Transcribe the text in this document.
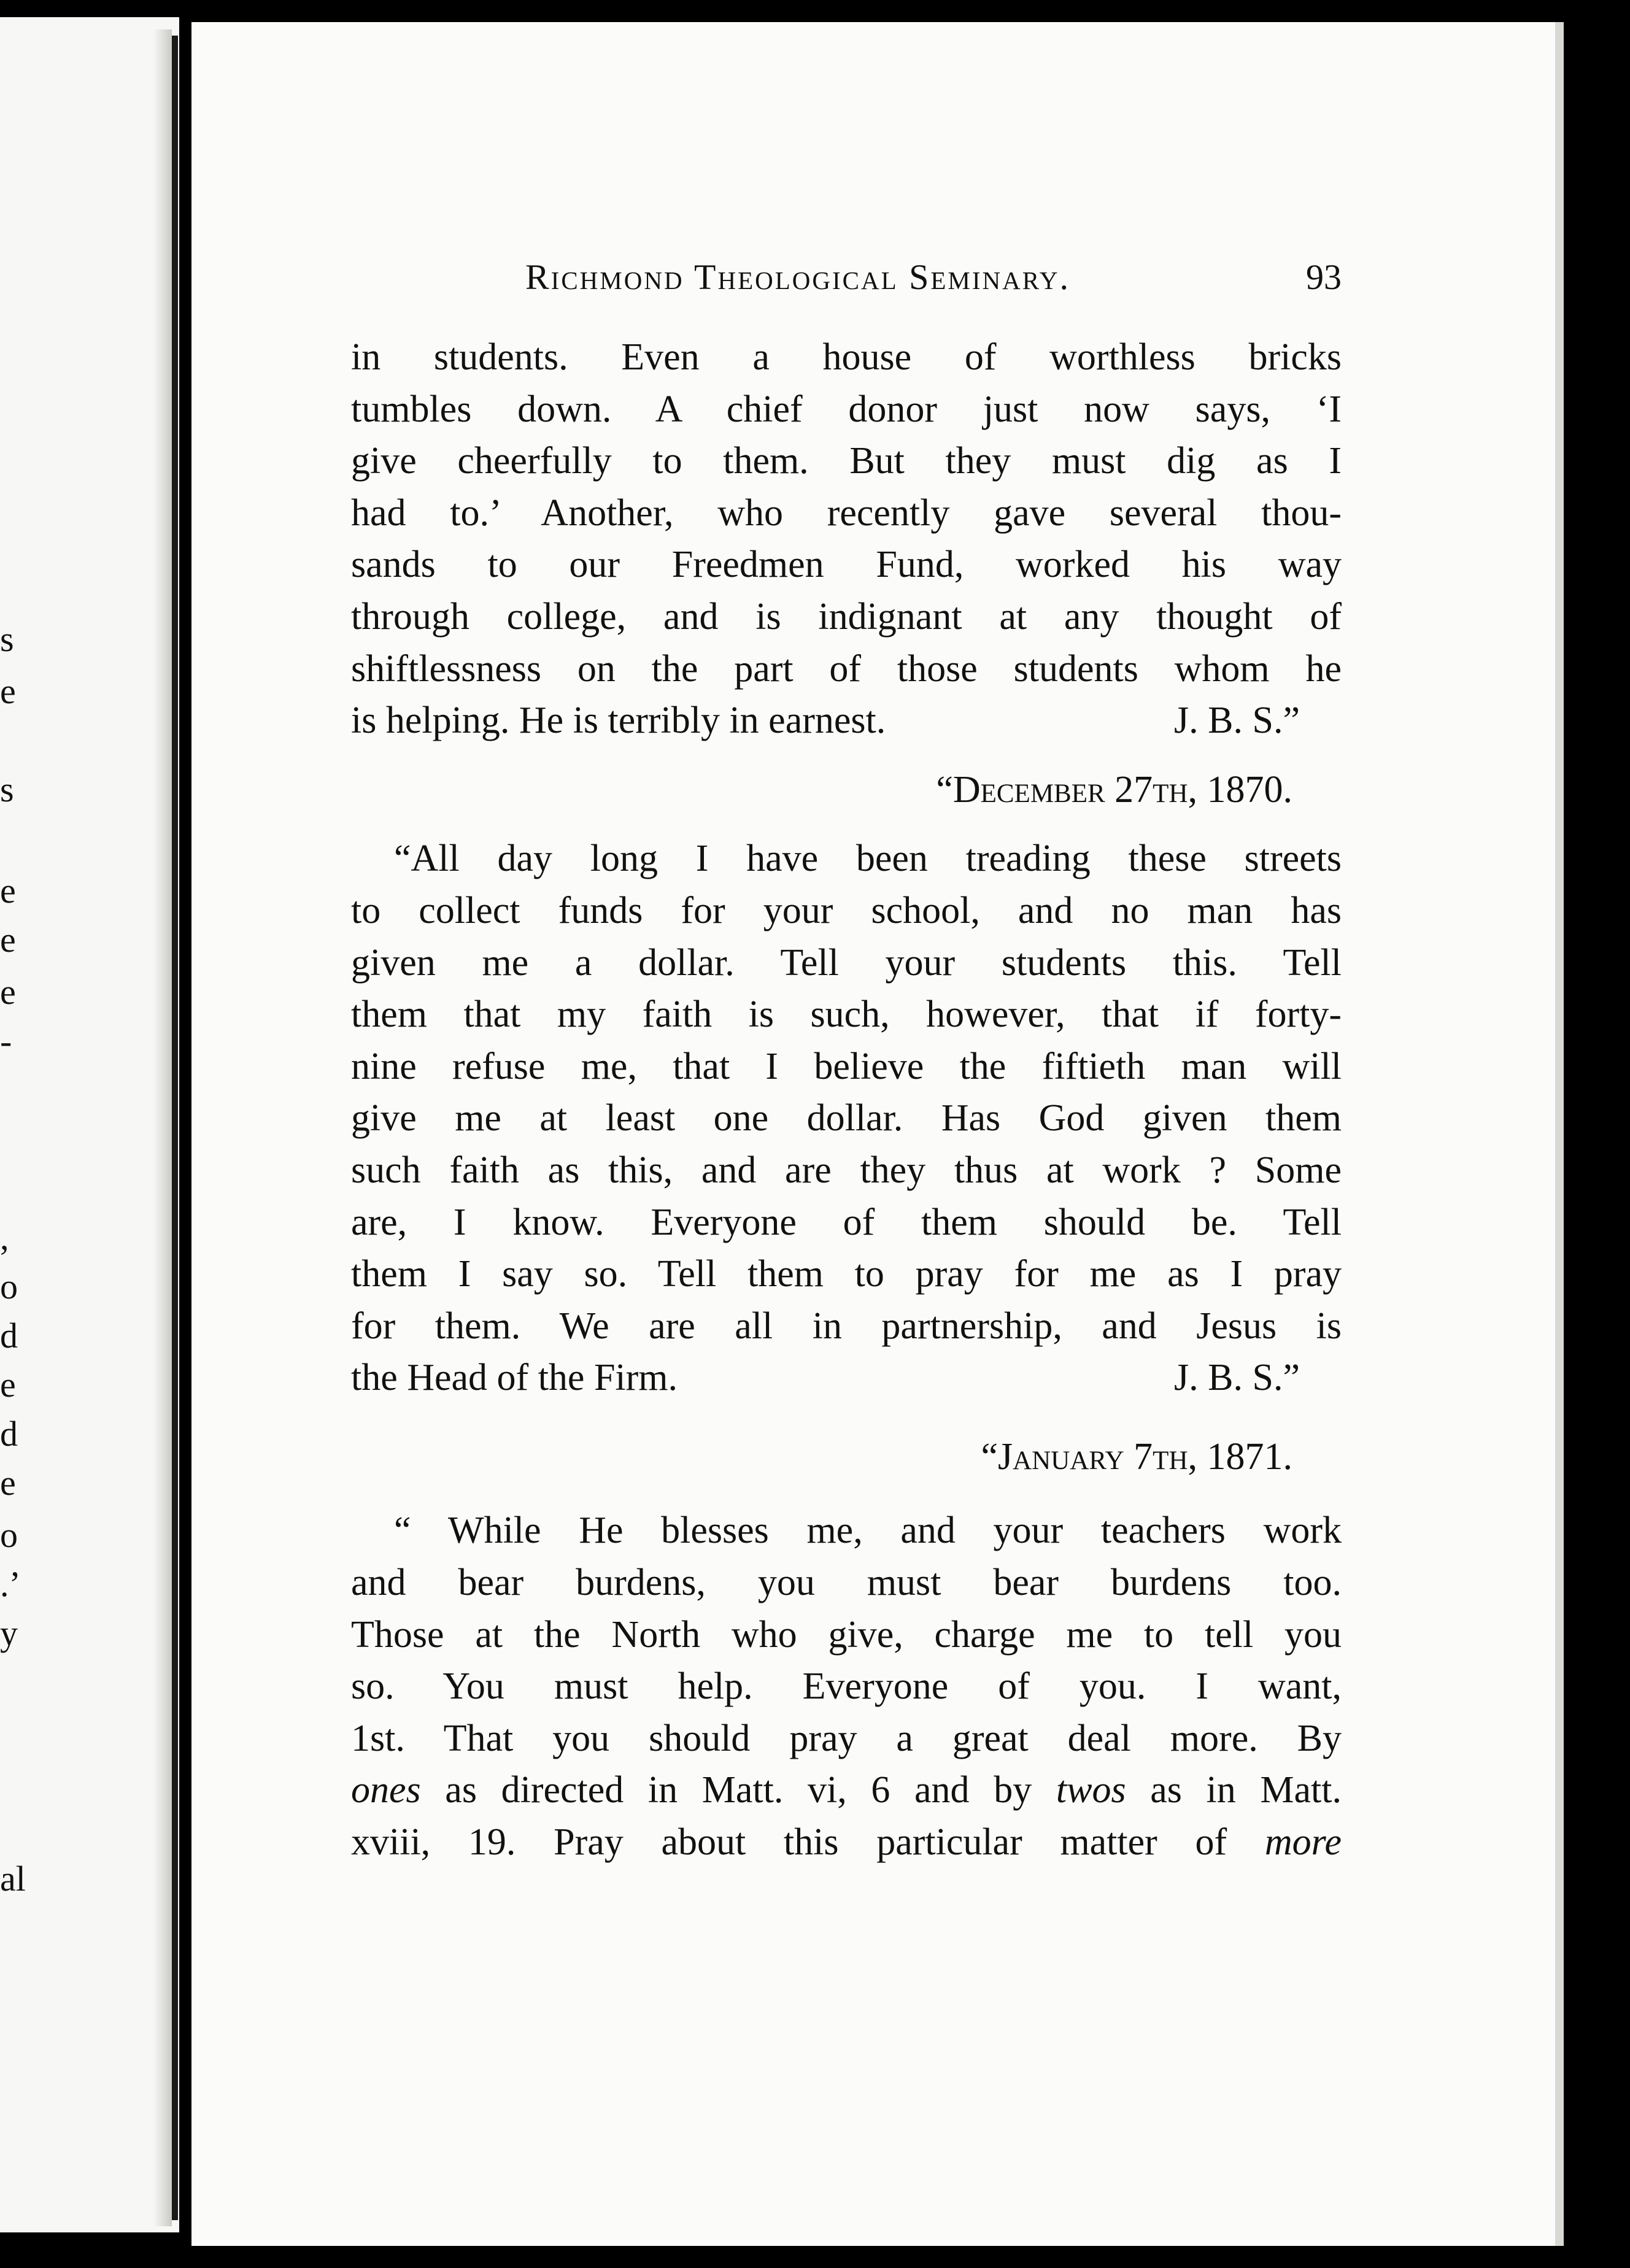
s
e
s
e
e
e
-
,
o
d
e
d
e
o
.’
y
al
Richmond Theological Seminary.	93
in students. Even a house of worthless bricks
tumbles down. A chief donor just now says, ‘I
give cheerfully to them. But they must dig as I
had to.’ Another, who recently gave several thou-
sands to our Freedmen Fund, worked his way
through college, and is indignant at any thought of
shiftlessness on the part of those students whom he
is helping. He is terribly in earnest.	J. B. S.”
“December 27th, 1870.
“All day long I have been treading these streets
to collect funds for your school, and no man has
given me a dollar. Tell your students this. Tell
them that my faith is such, however, that if forty-
nine refuse me, that I believe the fiftieth man will
give me at least one dollar. Has God given them
such faith as this, and are they thus at work ? Some
are, I know. Everyone of them should be. Tell
them I say so. Tell them to pray for me as I pray
for them. We are all in partnership, and Jesus is
the Head of the Firm.	J. B. S.”
“January 7th, 1871.
“ While He blesses me, and your teachers work
and bear burdens, you must bear burdens too.
Those at the North who give, charge me to tell you
so. You must help. Everyone of you. I want,
1st. That you should pray a great deal more. By
ones as directed in Matt. vi, 6 and by twos as in Matt.
xviii, 19. Pray about this particular matter of more
